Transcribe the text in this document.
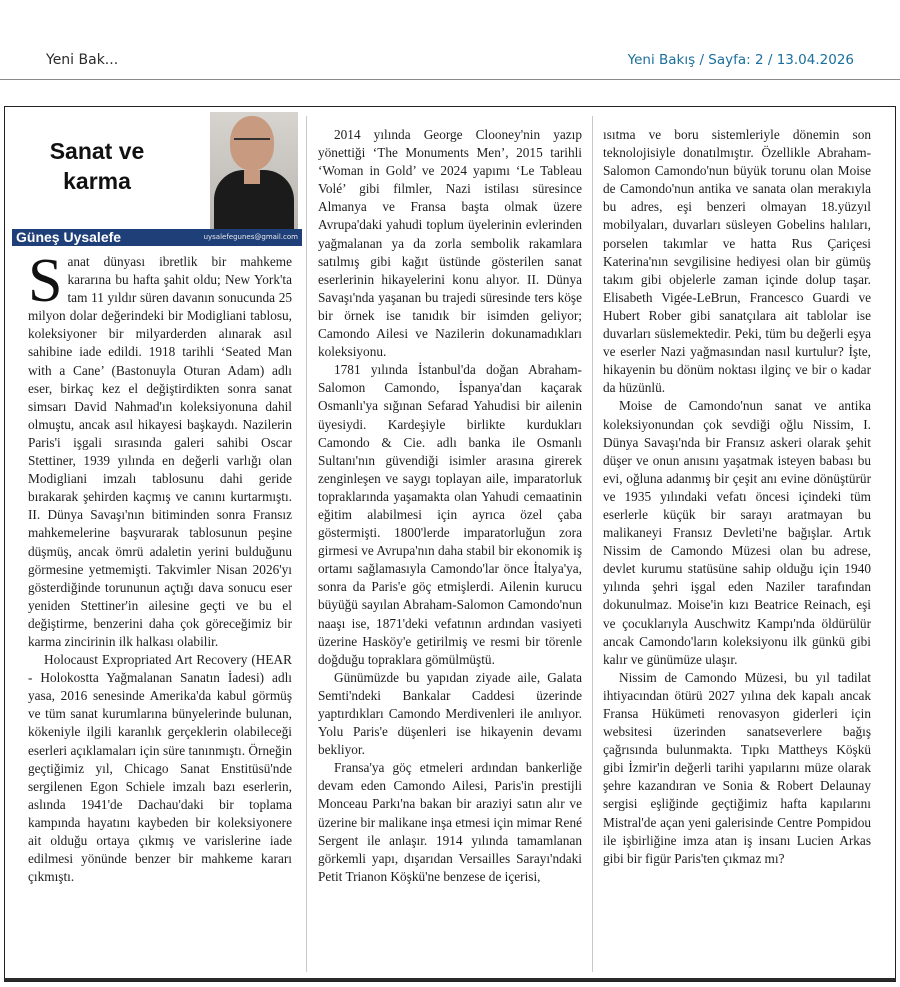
Yeni Bak...	Yeni Bakış / Sayfa: 2 / 13.04.2026
Sanat ve
karma
Güneş Uysalefe	uysalefegunes@gmail.com

Sanat dünyası ibretlik bir mahkeme kararına bu hafta şahit oldu; New York'ta tam 11 yıldır süren davanın sonucunda 25 milyon dolar değerindeki bir Modigliani tablosu, koleksiyoner bir milyarderden alınarak asıl sahibine iade edildi. 1918 tarihli ‘Seated Man with a Cane’ (Bastonuyla Oturan Adam) adlı eser, birkaç kez el değiştirdikten sonra sanat simsarı David Nahmad'ın koleksiyonuna dahil olmuştu, ancak asıl hikayesi başkaydı. Nazilerin Paris'i işgali sırasında galeri sahibi Oscar Stettiner, 1939 yılında en değerli varlığı olan Modigliani imzalı tablosunu dahi geride bırakarak şehirden kaçmış ve canını kurtarmıştı. II. Dünya Savaşı'nın bitiminden sonra Fransız mahkemelerine başvurarak tablosunun peşine düşmüş, ancak ömrü adaletin yerini bulduğunu görmesine yetmemişti. Takvimler Nisan 2026'yı gösterdiğinde torununun açtığı dava sonucu eser yeniden Stettiner'in ailesine geçti ve bu el değiştirme, benzerini daha çok göreceğimiz bir karma zincirinin ilk halkası olabilir.

Holocaust Expropriated Art Recovery (HEAR - Holokostta Yağmalanan Sanatın İadesi) adlı yasa, 2016 senesinde Amerika'da kabul görmüş ve tüm sanat kurumlarına bünyelerinde bulunan, kökeniyle ilgili karanlık gerçeklerin olabileceği eserleri açıklamaları için süre tanınmıştı. Örneğin geçtiğimiz yıl, Chicago Sanat Enstitüsü'nde sergilenen Egon Schiele imzalı bazı eserlerin, aslında 1941'de Dachau'daki bir toplama kampında hayatını kaybeden bir koleksiyonere ait olduğu ortaya çıkmış ve varislerine iade edilmesi yönünde benzer bir mahkeme kararı çıkmıştı.

2014 yılında George Clooney'nin yazıp yönettiği ‘The Monuments Men’, 2015 tarihli ‘Woman in Gold’ ve 2024 yapımı ‘Le Tableau Volé’ gibi filmler, Nazi istilası süresince Almanya ve Fransa başta olmak üzere Avrupa'daki yahudi toplum üyelerinin evlerinden yağmalanan ya da zorla sembolik rakamlara satılmış gibi kağıt üstünde gösterilen sanat eserlerinin hikayelerini konu alıyor. II. Dünya Savaşı'nda yaşanan bu trajedi süresinde ters köşe bir örnek ise tanıdık bir isimden geliyor; Camondo Ailesi ve Nazilerin dokunamadıkları koleksiyonu.

1781 yılında İstanbul'da doğan Abraham-Salomon Camondo, İspanya'dan kaçarak Osmanlı'ya sığınan Sefarad Yahudisi bir ailenin üyesiydi. Kardeşiyle birlikte kurdukları Camondo & Cie. adlı banka ile Osmanlı Sultanı'nın güvendiği isimler arasına girerek zenginleşen ve saygı toplayan aile, imparatorluk topraklarında yaşamakta olan Yahudi cemaatinin eğitim alabilmesi için ayrıca özel çaba göstermişti. 1800'lerde imparatorluğun zora girmesi ve Avrupa'nın daha stabil bir ekonomik iş ortamı sağlamasıyla Camondo'lar önce İtalya'ya, sonra da Paris'e göç etmişlerdi. Ailenin kurucu büyüğü sayılan Abraham-Salomon Camondo'nun naaşı ise, 1871'deki vefatının ardından vasiyeti üzerine Hasköy'e getirilmiş ve resmi bir törenle doğduğu topraklara gömülmüştü.

Günümüzde bu yapıdan ziyade aile, Galata Semti'ndeki Bankalar Caddesi üzerinde yaptırdıkları Camondo Merdivenleri ile anılıyor. Yolu Paris'e düşenleri ise hikayenin devamı bekliyor.

Fransa'ya göç etmeleri ardından bankerliğe devam eden Camondo Ailesi, Paris'in prestijli Monceau Parkı'na bakan bir araziyi satın alır ve üzerine bir malikane inşa etmesi için mimar René Sergent ile anlaşır. 1914 yılında tamamlanan görkemli yapı, dışarıdan Versailles Sarayı'ndaki Petit Trianon Köşkü'ne benzese de içerisi,

ısıtma ve boru sistemleriyle dönemin son teknolojisiyle donatılmıştır. Özellikle Abraham-Salomon Camondo'nun büyük torunu olan Moise de Camondo'nun antika ve sanata olan merakıyla bu adres, eşi benzeri olmayan 18.yüzyıl mobilyaları, duvarları süsleyen Gobelins halıları, porselen takımlar ve hatta Rus Çariçesi Katerina'nın sevgilisine hediyesi olan bir gümüş takım gibi objelerle zaman içinde dolup taşar. Elisabeth Vigée-LeBrun, Francesco Guardi ve Hubert Rober gibi sanatçılara ait tablolar ise duvarları süslemektedir. Peki, tüm bu değerli eşya ve eserler Nazi yağmasından nasıl kurtulur? İşte, hikayenin bu dönüm noktası ilginç ve bir o kadar da hüzünlü.

Moise de Camondo'nun sanat ve antika koleksiyonundan çok sevdiği oğlu Nissim, I. Dünya Savaşı'nda bir Fransız askeri olarak şehit düşer ve onun anısını yaşatmak isteyen babası bu evi, oğluna adanmış bir çeşit anı evine dönüştürür ve 1935 yılındaki vefatı öncesi içindeki tüm eserlerle küçük bir sarayı aratmayan bu malikaneyi Fransız Devleti'ne bağışlar. Artık Nissim de Camondo Müzesi olan bu adrese, devlet kurumu statüsüne sahip olduğu için 1940 yılında şehri işgal eden Naziler tarafından dokunulmaz. Moise'in kızı Beatrice Reinach, eşi ve çocuklarıyla Auschwitz Kampı'nda öldürülür ancak Camondo'ların koleksiyonu ilk günkü gibi kalır ve günümüze ulaşır.

Nissim de Camondo Müzesi, bu yıl tadilat ihtiyacından ötürü 2027 yılına dek kapalı ancak Fransa Hükümeti renovasyon giderleri için websitesi üzerinden sanatseverlere bağış çağrısında bulunmakta. Tıpkı Mattheys Köşkü gibi İzmir'in değerli tarihi yapılarını müze olarak şehre kazandıran ve Sonia & Robert Delaunay sergisi eşliğinde geçtiğimiz hafta kapılarını Mistral'de açan yeni galerisinde Centre Pompidou ile işbirliğine imza atan iş insanı Lucien Arkas gibi bir figür Paris'ten çıkmaz mı?
